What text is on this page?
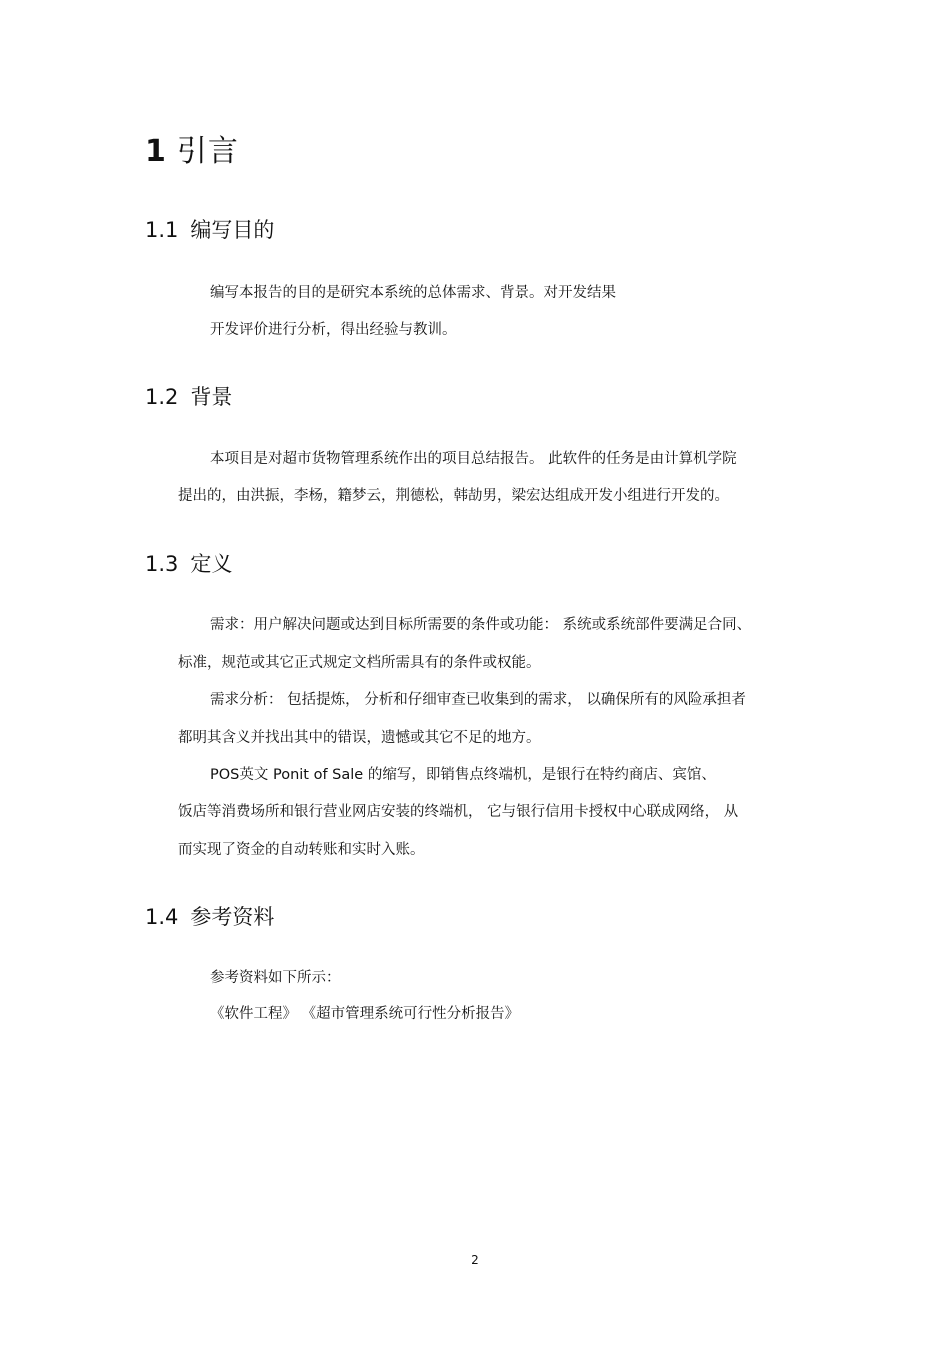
1 引言
1.1 编写目的
编写本报告的目的是研究本系统的总体需求、背景。对开发结果
开发评价进行分析，得出经验与教训。
1.2 背景
本项目是对超市货物管理系统作出的项目总结报告。 此软件的任务是由计算机学院
提出的，由洪振，李杨，籍梦云，荆德松，韩劼男，梁宏达组成开发小组进行开发的。
1.3 定义
需求：用户解决问题或达到目标所需要的条件或功能： 系统或系统部件要满足合同、
标准，规范或其它正式规定文档所需具有的条件或权能。
需求分析： 包括提炼， 分析和仔细审查已收集到的需求， 以确保所有的风险承担者
都明其含义并找出其中的错误，遗憾或其它不足的地方。
POS英文 Ponit of Sale 的缩写，即销售点终端机，是银行在特约商店、宾馆、
饭店等消费场所和银行营业网店安装的终端机， 它与银行信用卡授权中心联成网络， 从
而实现了资金的自动转账和实时入账。
1.4 参考资料
参考资料如下所示：
《软件工程》 《超市管理系统可行性分析报告》
2
